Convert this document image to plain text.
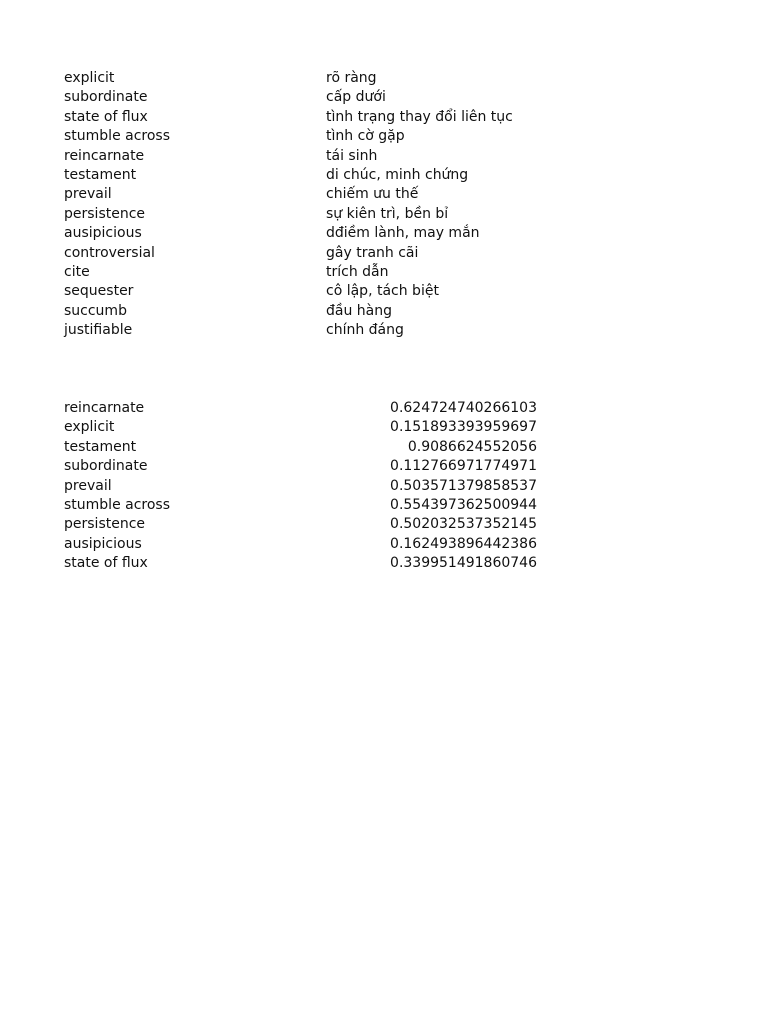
explicit	rõ ràng
subordinate	cấp dưới
state of flux	tình trạng thay đổi liên tục
stumble across	tình cờ gặp
reincarnate	tái sinh
testament	di chúc, minh chứng
prevail	chiếm ưu thế
persistence	sự kiên trì, bền bỉ
ausipicious	dđiềm lành, may mắn
controversial	gây tranh cãi
cite	trích dẫn
sequester	cô lập, tách biệt
succumb	đầu hàng
justifiable	chính đáng
reincarnate	0.624724740266103
explicit	0.151893393959697
testament	0.9086624552056
subordinate	0.112766971774971
prevail	0.503571379858537
stumble across	0.554397362500944
persistence	0.502032537352145
ausipicious	0.162493896442386
state of flux	0.339951491860746
